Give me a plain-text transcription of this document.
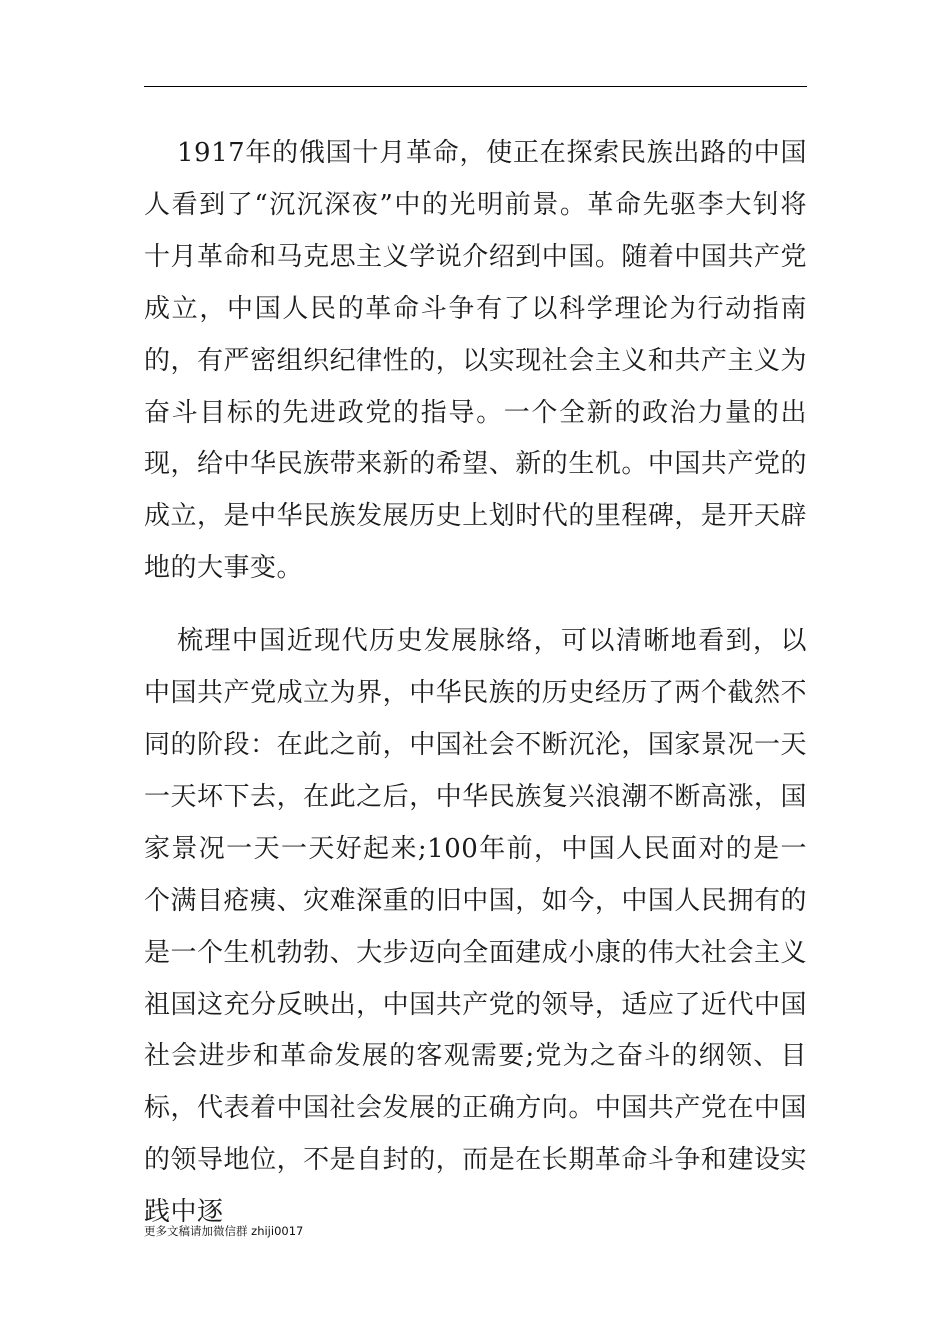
1917年的俄国十月革命，使正在探索民族出路的中国人看到了“沉沉深夜”中的光明前景。革命先驱李大钊将十月革命和马克思主义学说介绍到中国。随着中国共产党成立，中国人民的革命斗争有了以科学理论为行动指南的，有严密组织纪律性的，以实现社会主义和共产主义为奋斗目标的先进政党的指导。一个全新的政治力量的出现，给中华民族带来新的希望、新的生机。中国共产党的成立，是中华民族发展历史上划时代的里程碑，是开天辟地的大事变。

梳理中国近现代历史发展脉络，可以清晰地看到，以中国共产党成立为界，中华民族的历史经历了两个截然不同的阶段：在此之前，中国社会不断沉沦，国家景况一天一天坏下去，在此之后，中华民族复兴浪潮不断高涨，国家景况一天一天好起来;100年前，中国人民面对的是一个满目疮痍、灾难深重的旧中国，如今，中国人民拥有的是一个生机勃勃、大步迈向全面建成小康的伟大社会主义祖国这充分反映出，中国共产党的领导，适应了近代中国社会进步和革命发展的客观需要;党为之奋斗的纲领、目标，代表着中国社会发展的正确方向。中国共产党在中国的领导地位，不是自封的，而是在长期革命斗争和建设实践中逐

更多文稿请加微信群 zhiji0017
